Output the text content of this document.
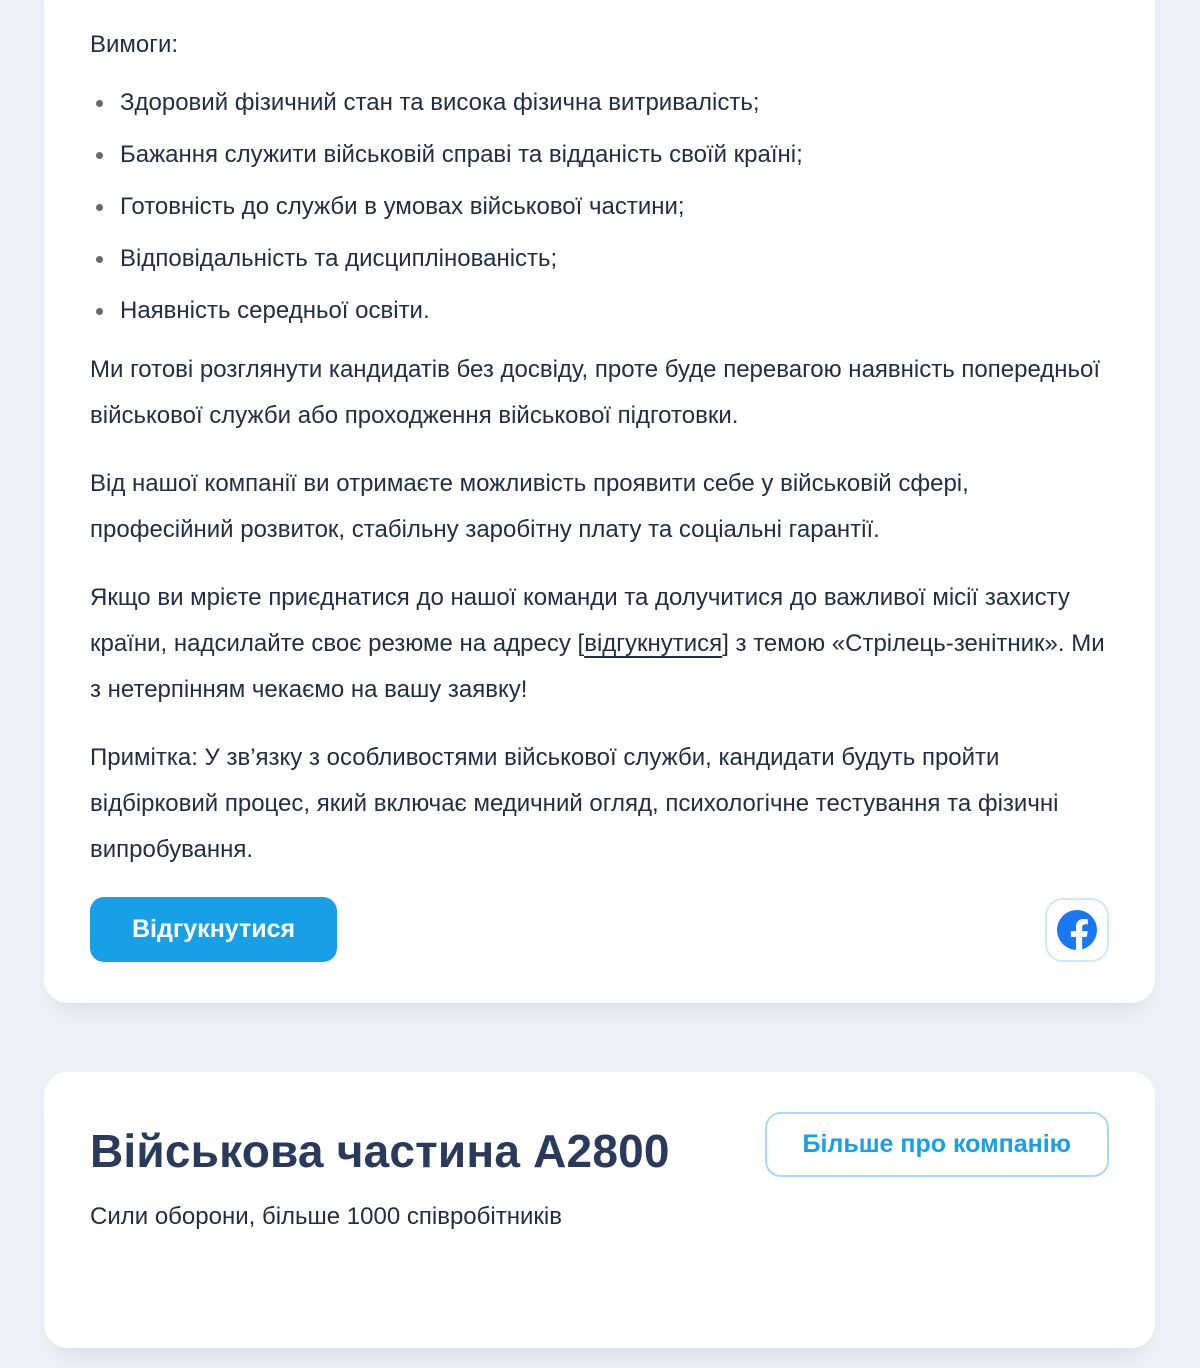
Вимоги:
Здоровий фізичний стан та висока фізична витривалість;
Бажання служити військовій справі та відданість своїй країні;
Готовність до служби в умовах військової частини;
Відповідальність та дисциплінованість;
Наявність середньої освіти.

Ми готові розглянути кандидатів без досвіду, проте буде перевагою наявність попередньої військової служби або проходження військової підготовки.

Від нашої компанії ви отримаєте можливість проявити себе у військовій сфері, професійний розвиток, стабільну заробітну плату та соціальні гарантії.

Якщо ви мрієте приєднатися до нашої команди та долучитися до важливої місії захисту країни, надсилайте своє резюме на адресу [відгукнутися] з темою «Стрілець-зенітник». Ми з нетерпінням чекаємо на вашу заявку!

Примітка: У зв’язку з особливостями військової служби, кандидати будуть пройти відбірковий процес, який включає медичний огляд, психологічне тестування та фізичні випробування.

Відгукнутися
Військова частина А2800	Більше про компанію
Сили оборони, більше 1000 співробітників
